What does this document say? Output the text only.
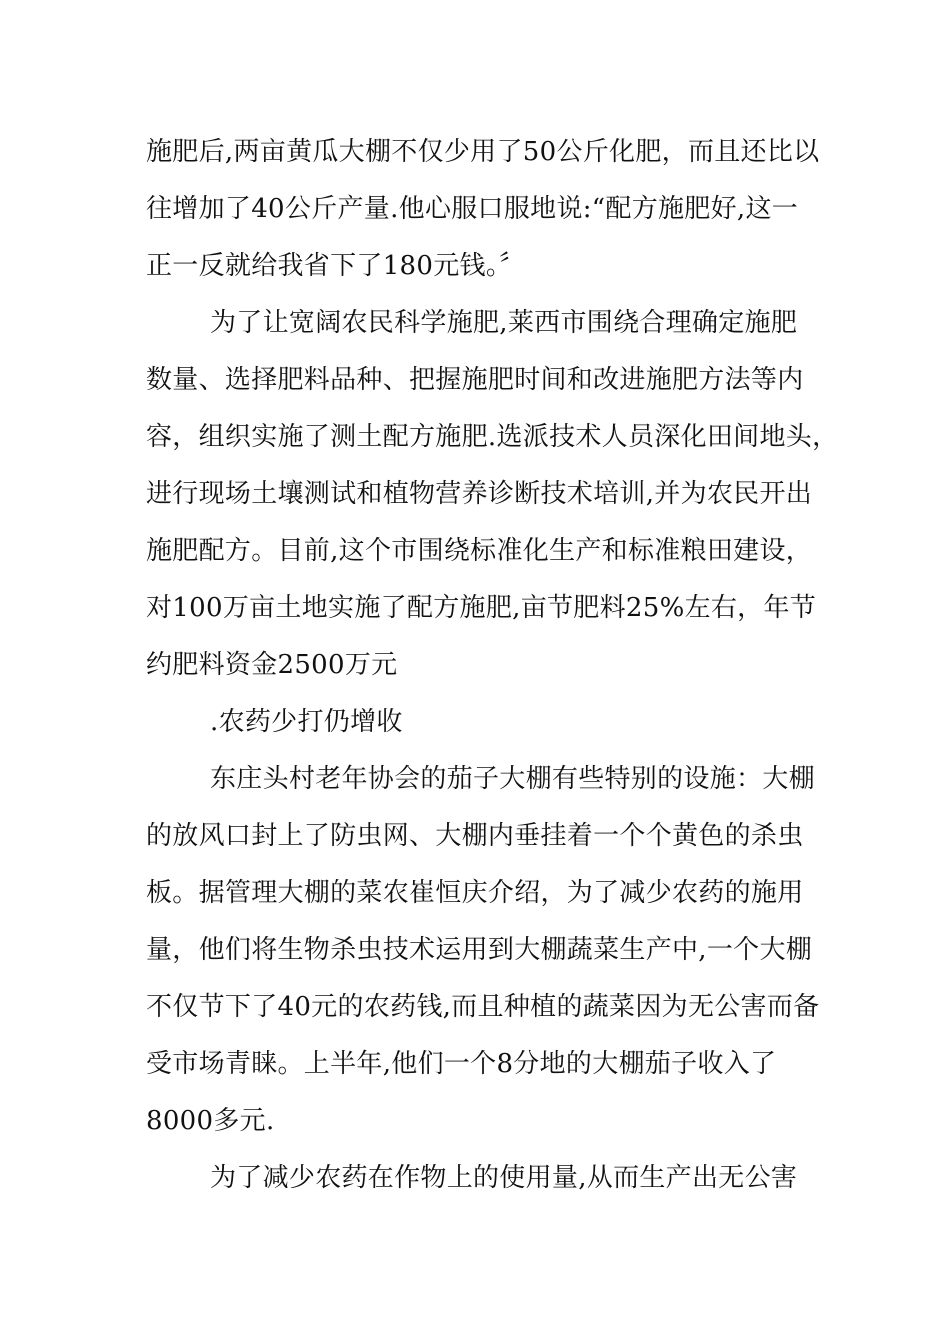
施肥后,两亩黄瓜大棚不仅少用了50公斤化肥，而且还比以
往增加了40公斤产量.他心服口服地说:“配方施肥好,这一
正一反就给我省下了180元钱。〞
为了让宽阔农民科学施肥,莱西市围绕合理确定施肥
数量、选择肥料品种、把握施肥时间和改进施肥方法等内
容，组织实施了测土配方施肥.选派技术人员深化田间地头，
进行现场土壤测试和植物营养诊断技术培训,并为农民开出
施肥配方。目前,这个市围绕标准化生产和标准粮田建设，
对100万亩土地实施了配方施肥,亩节肥料25%左右，年节
约肥料资金2500万元
.农药少打仍增收
东庄头村老年协会的茄子大棚有些特别的设施：大棚
的放风口封上了防虫网、大棚内垂挂着一个个黄色的杀虫
板。据管理大棚的菜农崔恒庆介绍，为了减少农药的施用
量，他们将生物杀虫技术运用到大棚蔬菜生产中,一个大棚
不仅节下了40元的农药钱,而且种植的蔬菜因为无公害而备
受市场青睐。上半年,他们一个8分地的大棚茄子收入了
8000多元.
为了减少农药在作物上的使用量,从而生产出无公害
